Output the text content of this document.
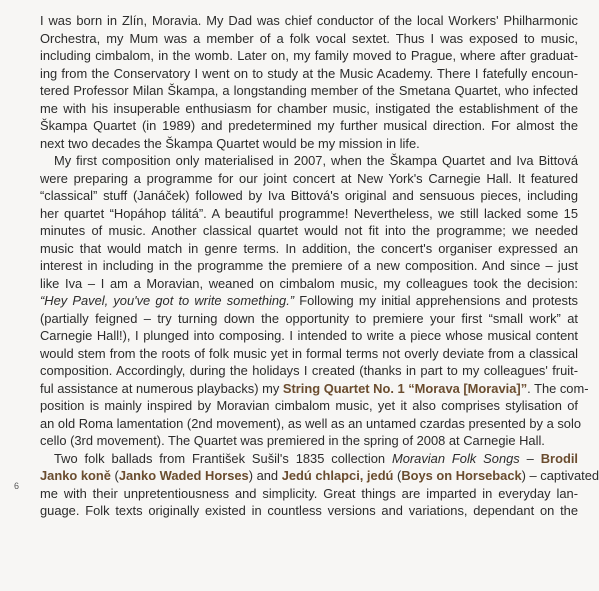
I was born in Zlín, Moravia. My Dad was chief conductor of the local Workers' Philharmonic
Orchestra, my Mum was a member of a folk vocal sextet. Thus I was exposed to music,
including cimbalom, in the womb. Later on, my family moved to Prague, where after graduat-
ing from the Conservatory I went on to study at the Music Academy. There I fatefully encoun-
tered Professor Milan Škampa, a longstanding member of the Smetana Quartet, who infected
me with his insuperable enthusiasm for chamber music, instigated the establishment of the
Škampa Quartet (in 1989) and predetermined my further musical direction. For almost the
next two decades the Škampa Quartet would be my mission in life.
My first composition only materialised in 2007, when the Škampa Quartet and Iva Bittová
were preparing a programme for our joint concert at New York's Carnegie Hall. It featured
“classical” stuff (Janáček) followed by Iva Bittová's original and sensuous pieces, including
her quartet “Hopáhop tálitá”. A beautiful programme! Nevertheless, we still lacked some 15
minutes of music. Another classical quartet would not fit into the programme; we needed
music that would match in genre terms. In addition, the concert's organiser expressed an
interest in including in the programme the premiere of a new composition. And since – just
like Iva – I am a Moravian, weaned on cimbalom music, my colleagues took the decision:
“Hey Pavel, you've got to write something.” Following my initial apprehensions and protests
(partially feigned – try turning down the opportunity to premiere your first “small work” at
Carnegie Hall!), I plunged into composing. I intended to write a piece whose musical content
would stem from the roots of folk music yet in formal terms not overly deviate from a classical
composition. Accordingly, during the holidays I created (thanks in part to my colleagues' fruit-
ful assistance at numerous playbacks) my String Quartet No. 1 “Morava [Moravia]”. The com-
position is mainly inspired by Moravian cimbalom music, yet it also comprises stylisation of
an old Roma lamentation (2nd movement), as well as an untamed czardas presented by a solo
cello (3rd movement). The Quartet was premiered in the spring of 2008 at Carnegie Hall.
Two folk ballads from František Sušil's 1835 collection Moravian Folk Songs – Brodil
Janko koně (Janko Waded Horses) and Jedú chlapci, jedú (Boys on Horseback) – captivated
me with their unpretentiousness and simplicity. Great things are imparted in everyday lan-
guage. Folk texts originally existed in countless versions and variations, dependant on the
6
